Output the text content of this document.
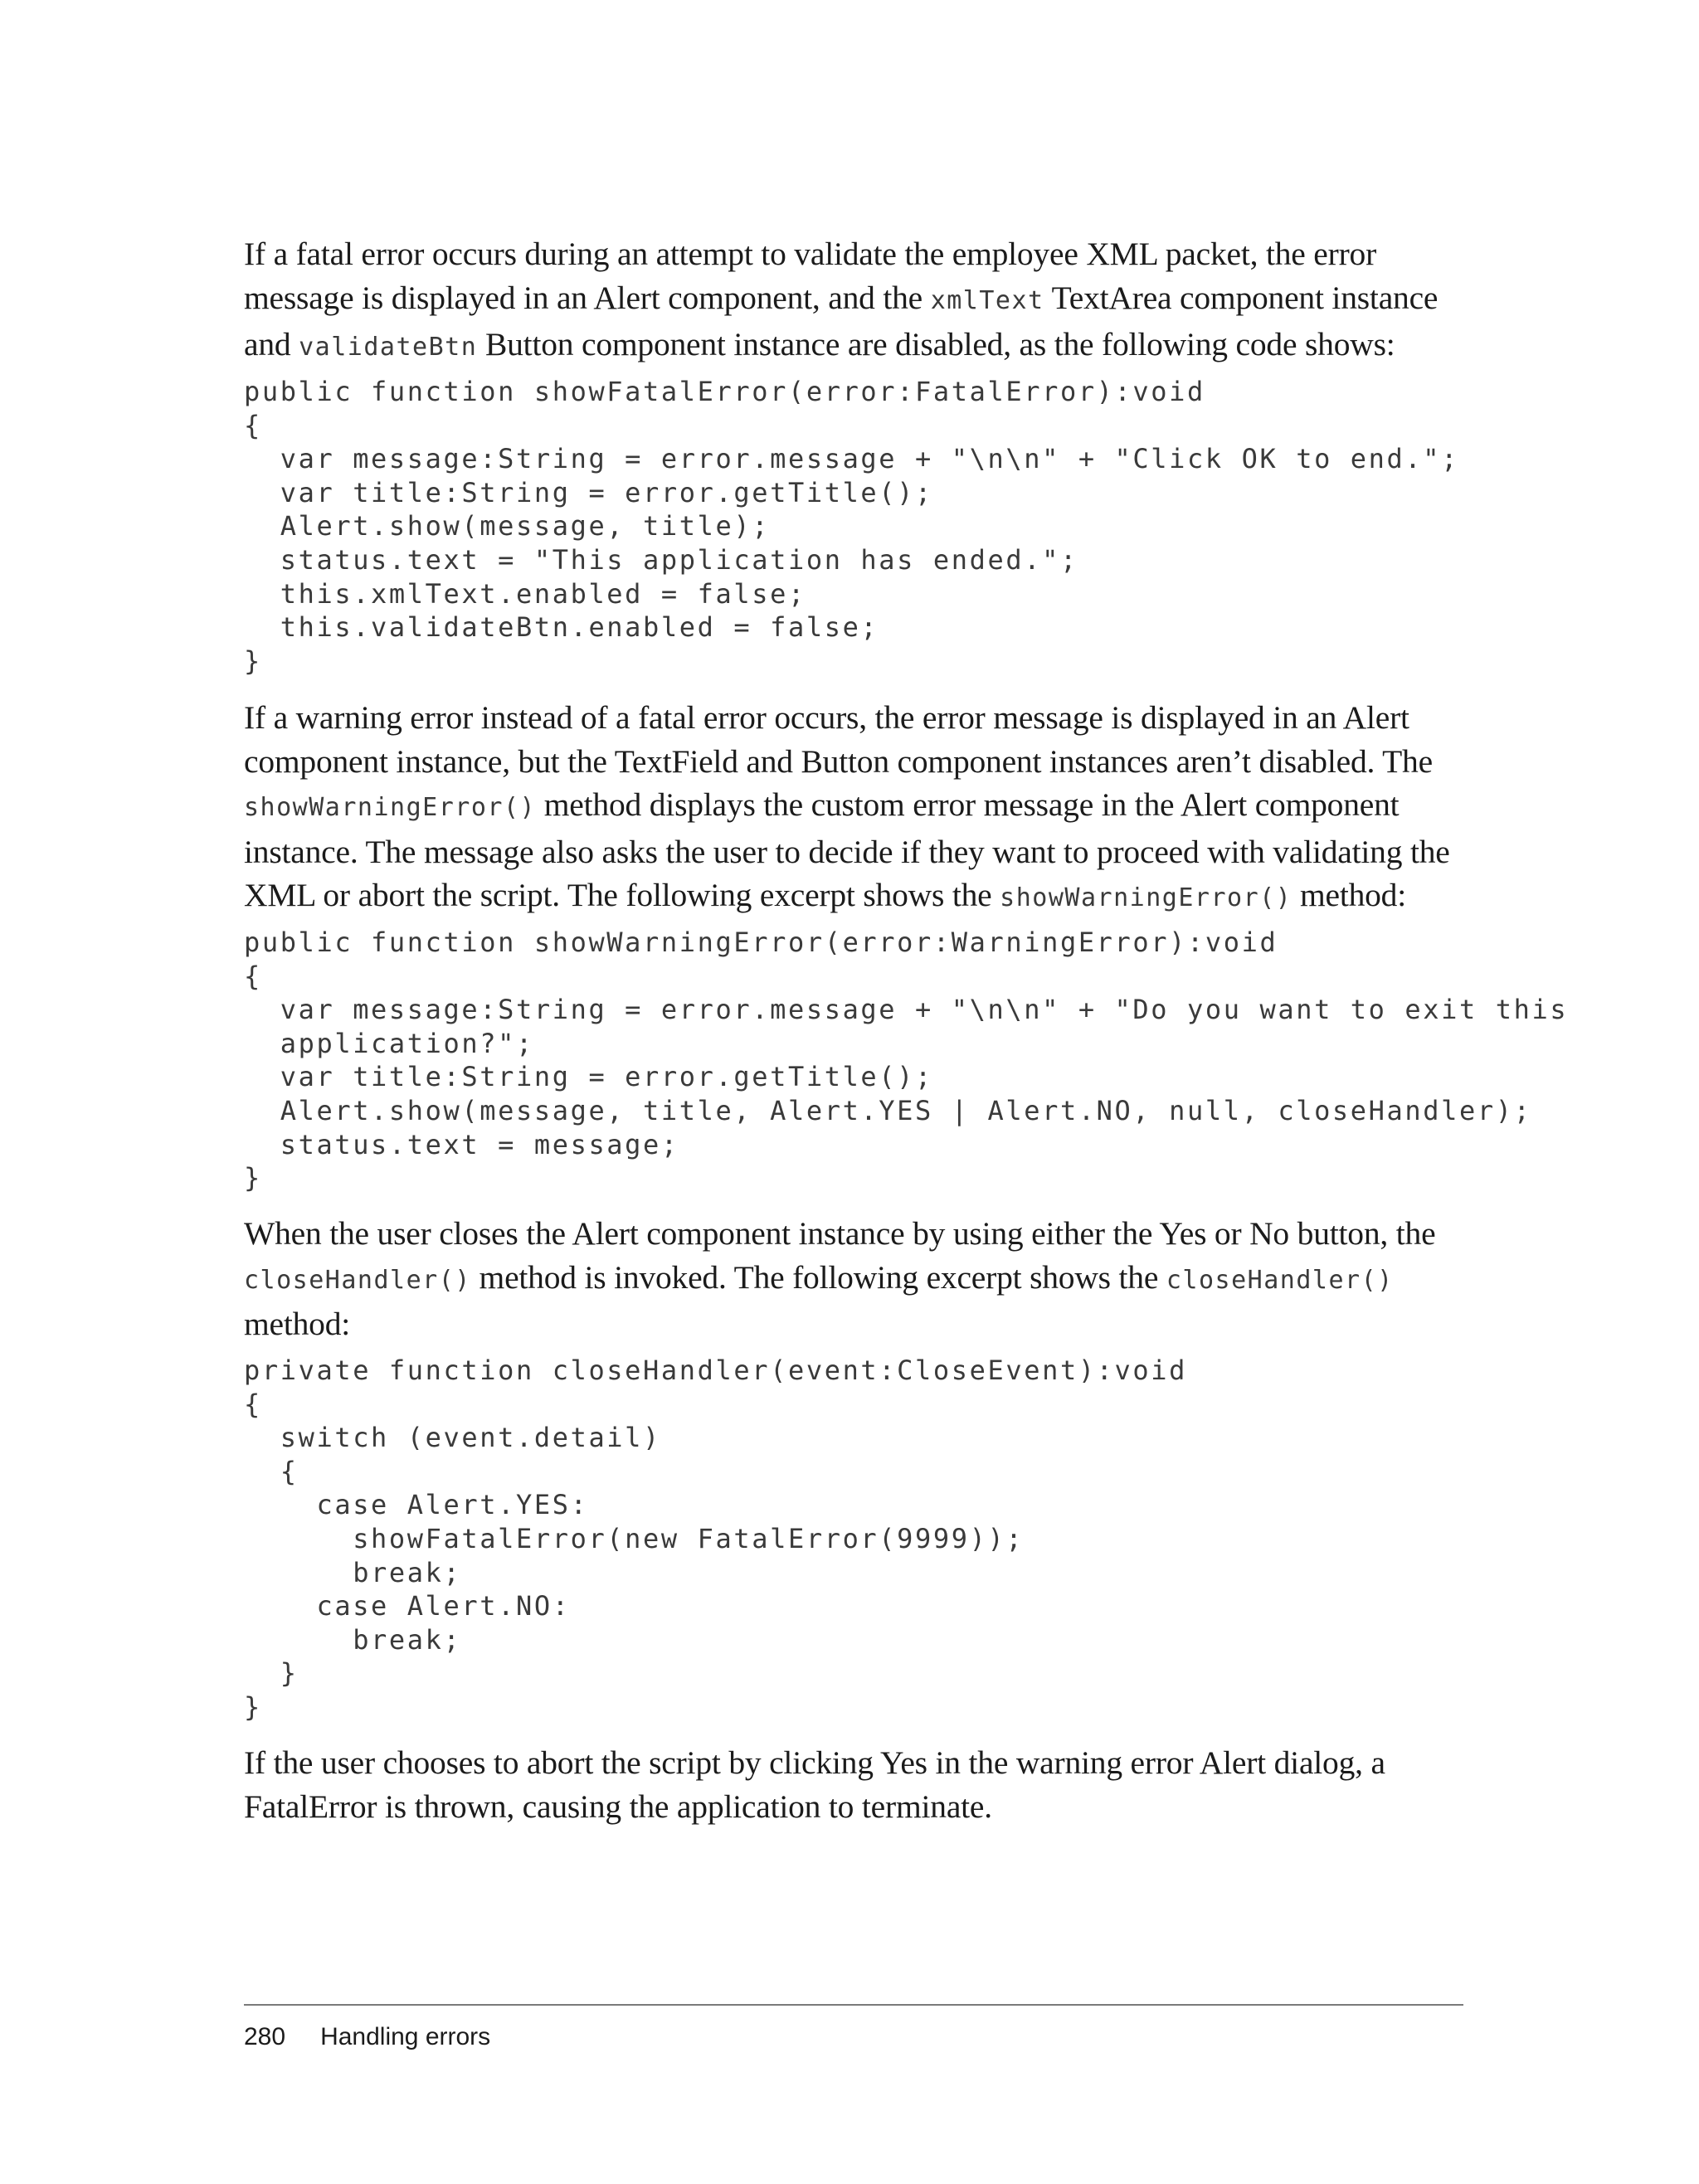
If a fatal error occurs during an attempt to validate the employee XML packet, the error
message is displayed in an Alert component, and the xmlText TextArea component instance
and validateBtn Button component instance are disabled, as the following code shows:
public function showFatalError(error:FatalError):void
{
var message:String = error.message + "\n\n" + "Click OK to end.";
var title:String = error.getTitle();
Alert.show(message, title);
status.text = "This application has ended.";
this.xmlText.enabled = false;
this.validateBtn.enabled = false;
}
If a warning error instead of a fatal error occurs, the error message is displayed in an Alert
component instance, but the TextField and Button component instances aren’t disabled. The
showWarningError() method displays the custom error message in the Alert component
instance. The message also asks the user to decide if they want to proceed with validating the
XML or abort the script. The following excerpt shows the showWarningError() method:
public function showWarningError(error:WarningError):void
{
var message:String = error.message + "\n\n" + "Do you want to exit this
application?";
var title:String = error.getTitle();
Alert.show(message, title, Alert.YES | Alert.NO, null, closeHandler);
status.text = message;
}
When the user closes the Alert component instance by using either the Yes or No button, the
closeHandler() method is invoked. The following excerpt shows the closeHandler()
method:
private function closeHandler(event:CloseEvent):void
{
switch (event.detail)
{
case Alert.YES:
showFatalError(new FatalError(9999));
break;
case Alert.NO:
break;
}
}
If the user chooses to abort the script by clicking Yes in the warning error Alert dialog, a
FatalError is thrown, causing the application to terminate.
280 Handling errors
